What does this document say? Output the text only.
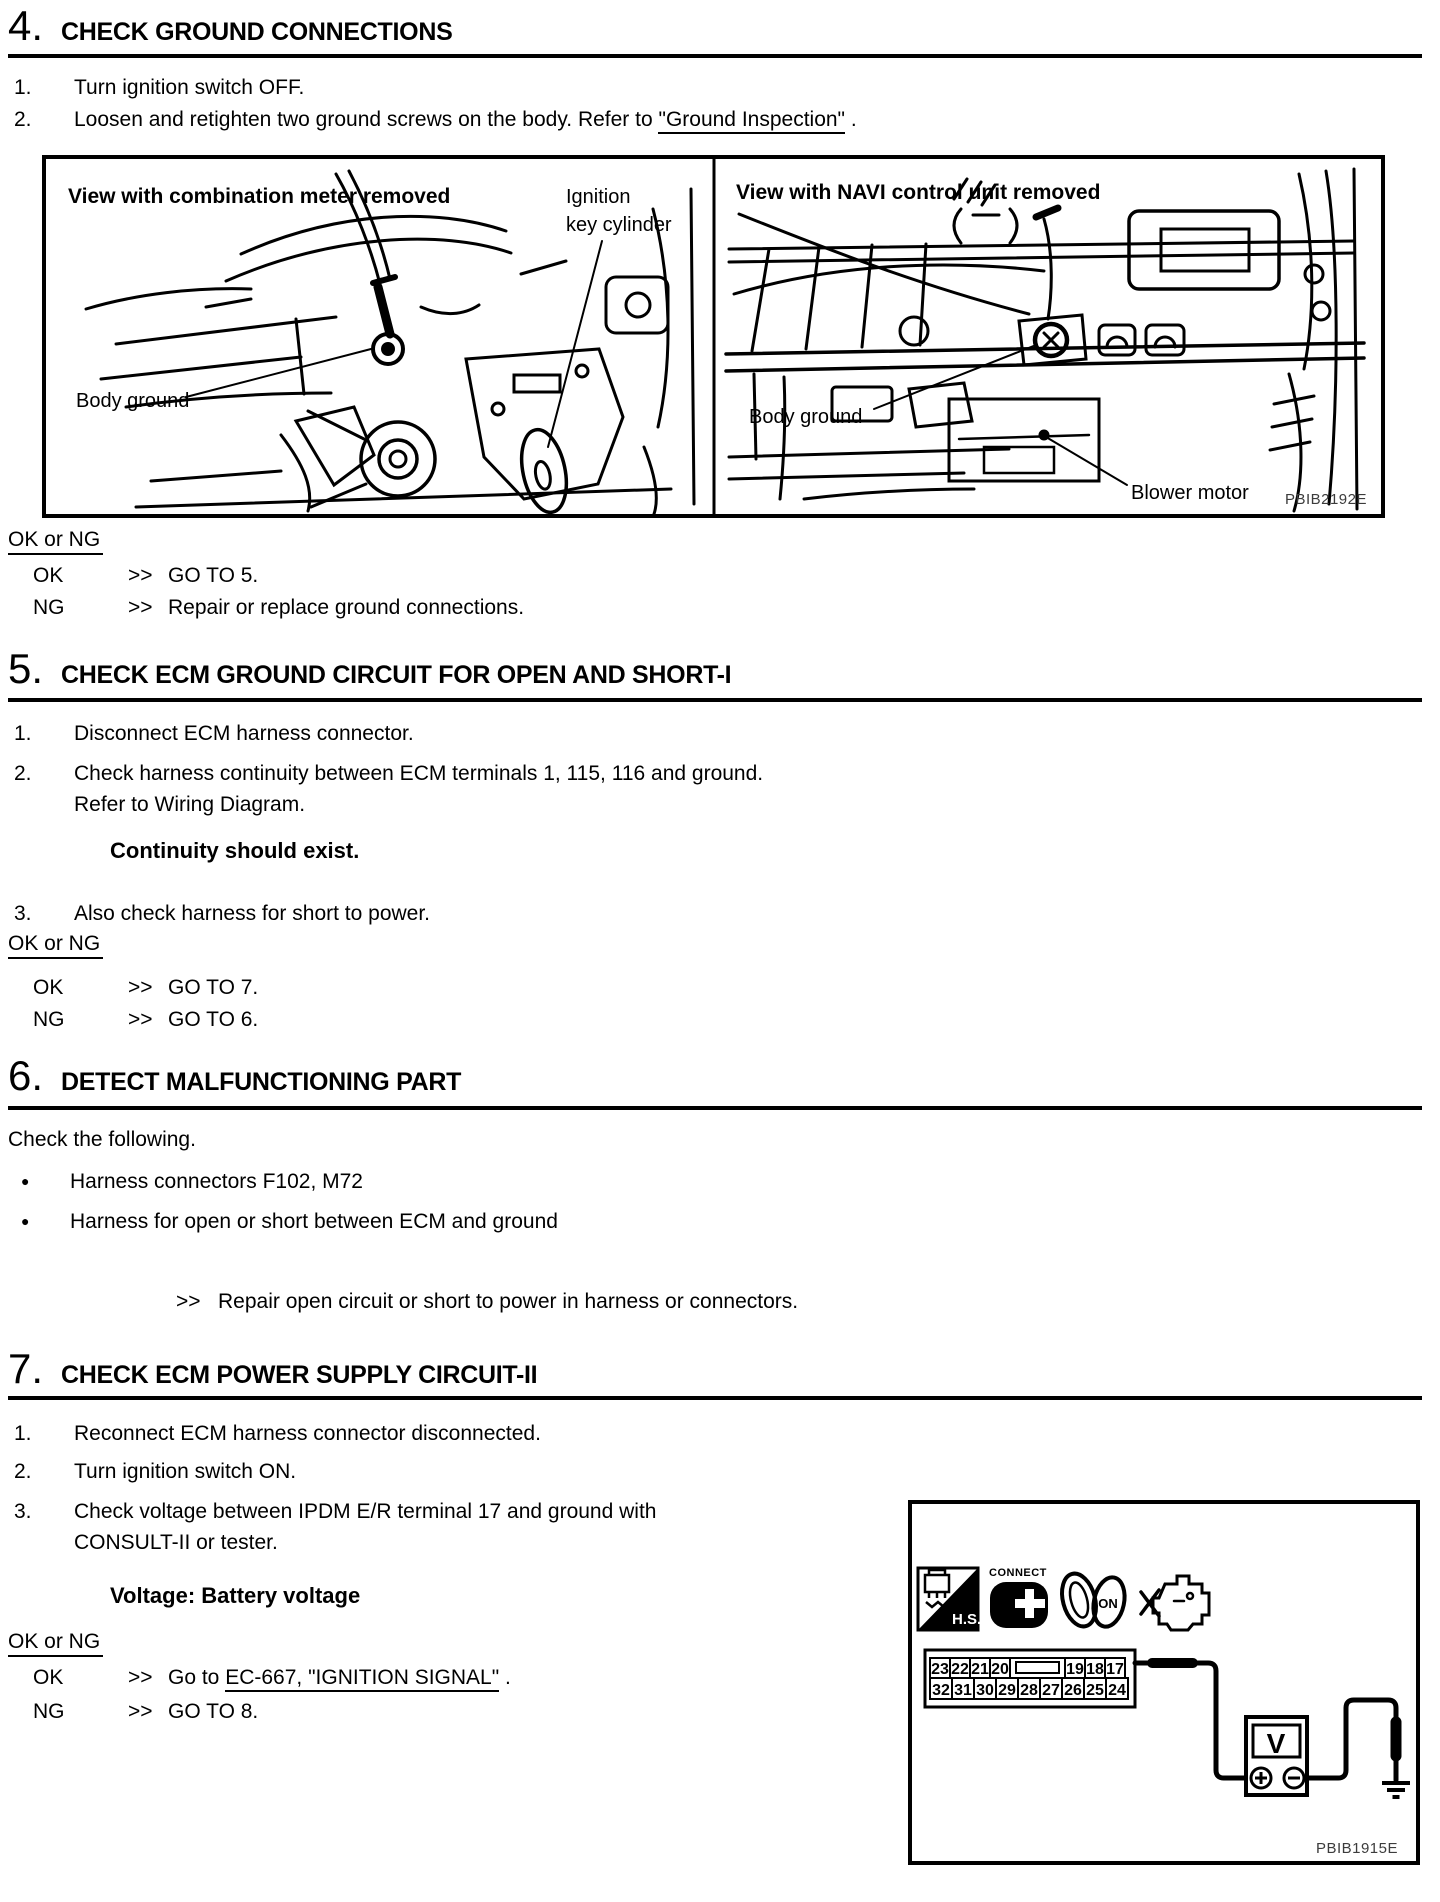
4. CHECK GROUND CONNECTIONS
1. Turn ignition switch OFF.
2. Loosen and retighten two ground screws on the body. Refer to "Ground Inspection" .
View with combination meter removed	Ignition
key cylinder
Body ground
View with NAVI control unit removed
Body ground
Blower motor PBIB2192E
OK or NG
OK	>> GO TO 5.
NG	>> Repair or replace ground connections.
5. CHECK ECM GROUND CIRCUIT FOR OPEN AND SHORT-I
1. Disconnect ECM harness connector.
2. Check harness continuity between ECM terminals 1, 115, 116 and ground.
Refer to Wiring Diagram.
Continuity should exist.
3. Also check harness for short to power.
OK or NG
OK	>> GO TO 7.
NG	>> GO TO 6.
6. DETECT MALFUNCTIONING PART
Check the following.
● Harness connectors F102, M72
● Harness for open or short between ECM and ground
>> Repair open circuit or short to power in harness or connectors.
7. CHECK ECM POWER SUPPLY CIRCUIT-II
1. Reconnect ECM harness connector disconnected.
2. Turn ignition switch ON.
3. Check voltage between IPDM E/R terminal 17 and ground with
CONSULT-II or tester.
Voltage: Battery voltage
OK or NG
OK	>> Go to EC-667, "IGNITION SIGNAL" .
NG	>> GO TO 8.
H.S.
CONNECT
ON
23 22 21 20	19 18 17
32 31 30 29 28 27 26 25 24
V
PBIB1915E
